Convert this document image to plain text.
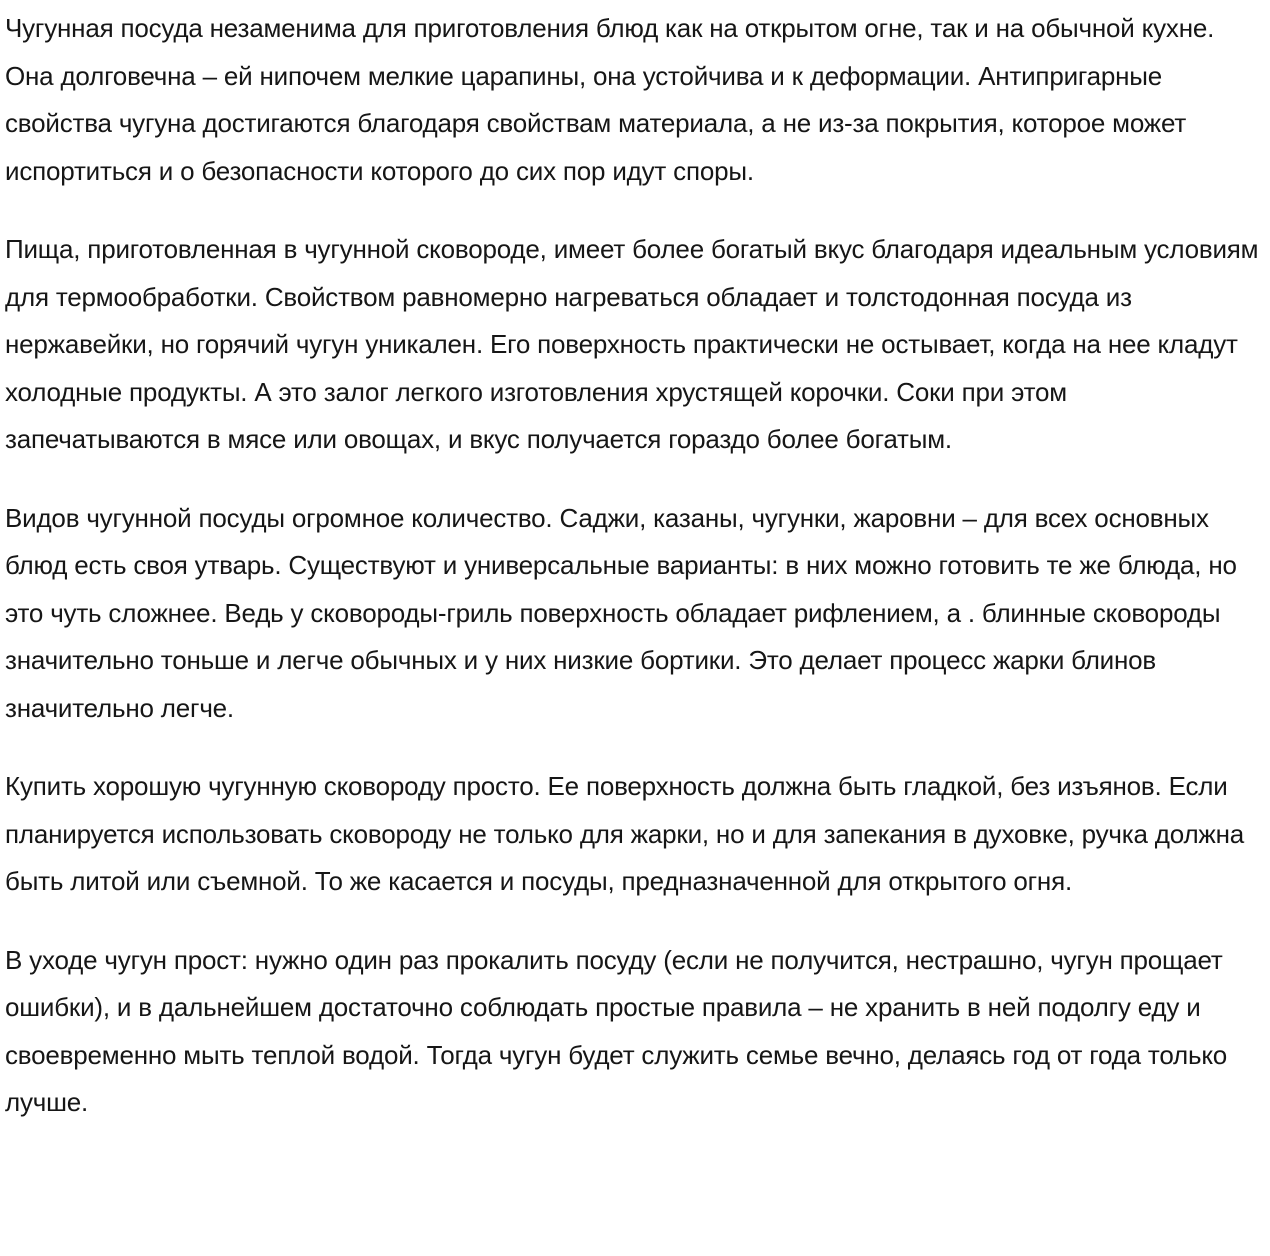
Чугунная посуда незаменима для приготовления блюд как на открытом огне, так и на обычной кухне. Она долговечна – ей нипочем мелкие царапины, она устойчива и к деформации. Антипригарные свойства чугуна достигаются благодаря свойствам материала, а не из-за покрытия, которое может испортиться и о безопасности которого до сих пор идут споры.

Пища, приготовленная в чугунной сковороде, имеет более богатый вкус благодаря идеальным условиям для термообработки. Свойством равномерно нагреваться обладает и толстодонная посуда из нержавейки, но горячий чугун уникален. Его поверхность практически не остывает, когда на нее кладут холодные продукты. А это залог легкого изготовления хрустящей корочки. Соки при этом запечатываются в мясе или овощах, и вкус получается гораздо более богатым.

Видов чугунной посуды огромное количество. Саджи, казаны, чугунки, жаровни – для всех основных блюд есть своя утварь. Существуют и универсальные варианты: в них можно готовить те же блюда, но это чуть сложнее. Ведь у сковороды-гриль поверхность обладает рифлением, а . блинные сковороды значительно тоньше и легче обычных и у них низкие бортики. Это делает процесс жарки блинов значительно легче.

Купить хорошую чугунную сковороду просто. Ее поверхность должна быть гладкой, без изъянов. Если планируется использовать сковороду не только для жарки, но и для запекания в духовке, ручка должна быть литой или съемной. То же касается и посуды, предназначенной для открытого огня.

В уходе чугун прост: нужно один раз прокалить посуду (если не получится, нестрашно, чугун прощает ошибки), и в дальнейшем достаточно соблюдать простые правила – не хранить в ней подолгу еду и своевременно мыть теплой водой. Тогда чугун будет служить семье вечно, делаясь год от года только лучше.
